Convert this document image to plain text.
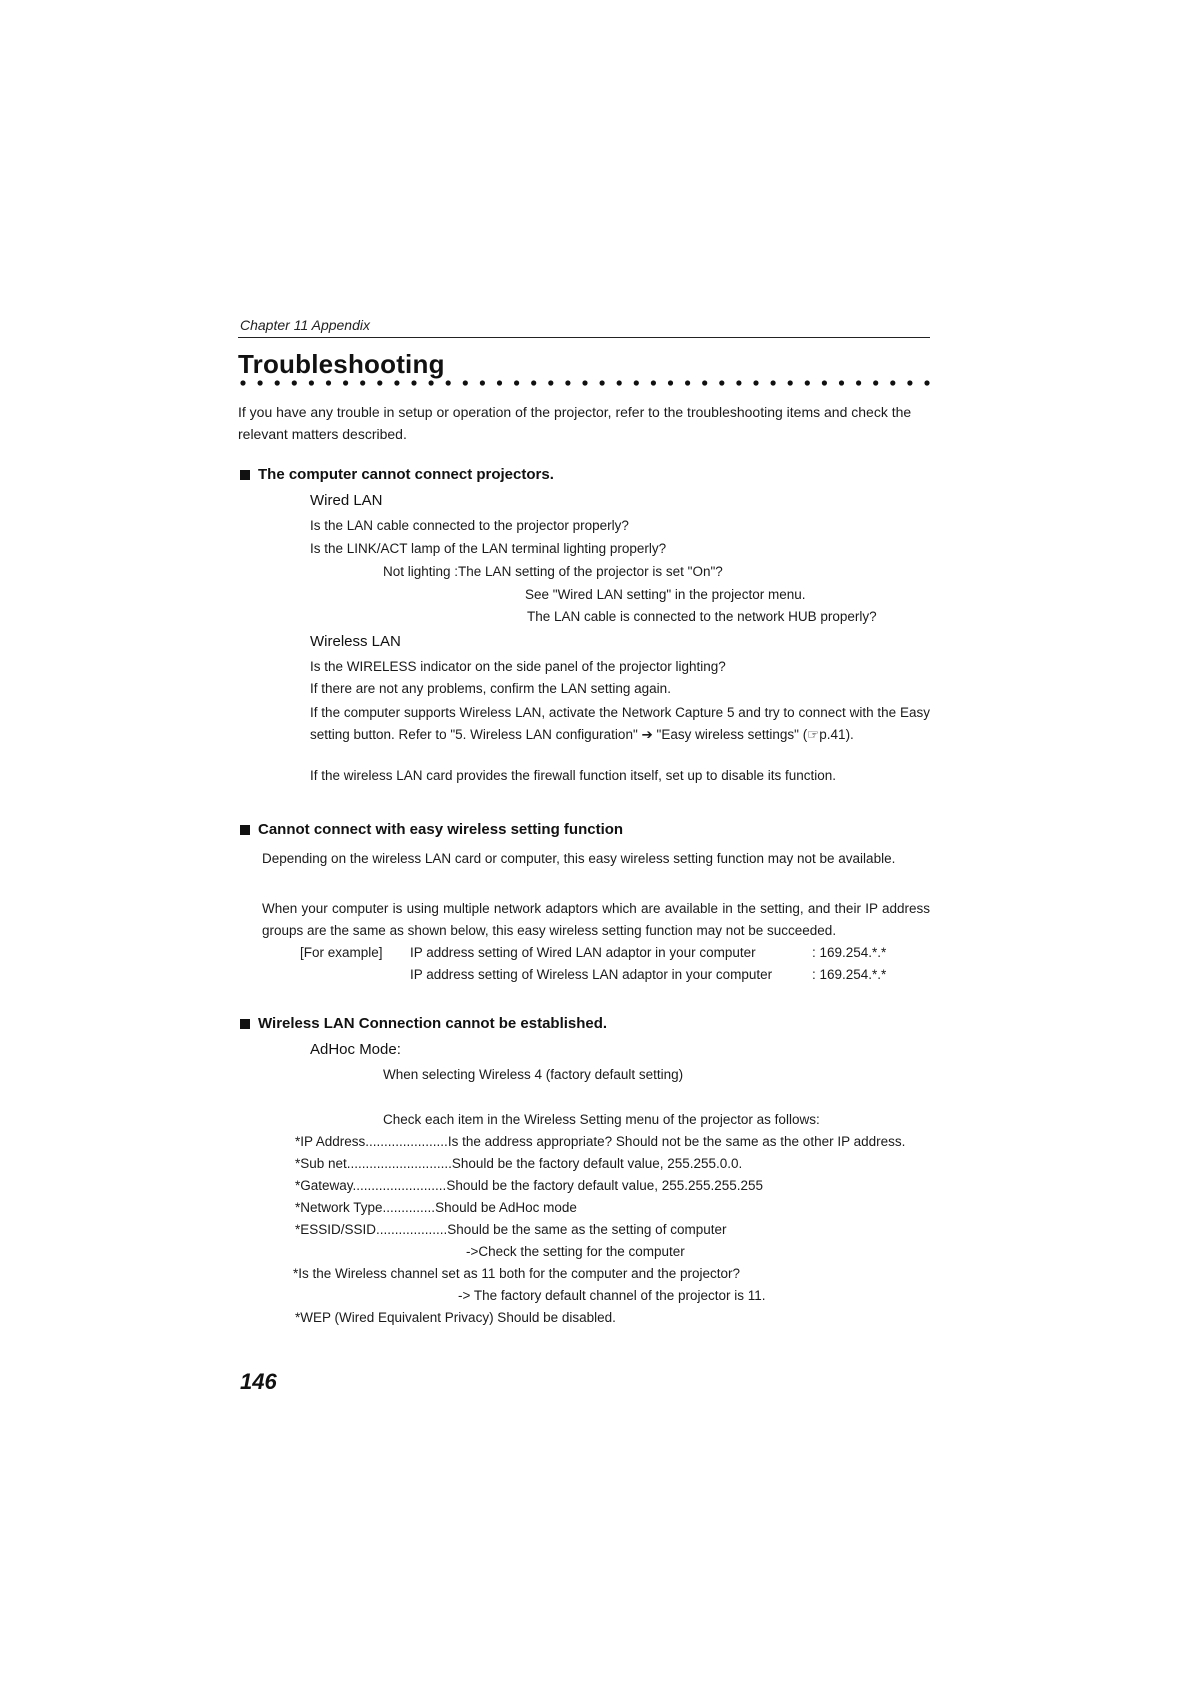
Chapter 11 Appendix
Troubleshooting
If you have any trouble in setup or operation of the projector, refer to the troubleshooting items and check the relevant matters described.
The computer cannot connect projectors.
Wired LAN
Is the LAN cable connected to the projector properly?
Is the LINK/ACT lamp of the LAN terminal lighting properly?
Not lighting :The LAN setting of the projector is set "On"?
See "Wired LAN setting" in the projector menu.
The LAN cable is connected to the network HUB properly?
Wireless LAN
Is the WIRELESS indicator on the side panel of the projector lighting?
If there are not any problems, confirm the LAN setting again.
If the computer supports Wireless LAN, activate the Network Capture 5 and try to connect with the Easy setting button. Refer to "5. Wireless LAN configuration" ➔ "Easy wireless settings" (☞p.41).
If the wireless LAN card provides the firewall function itself, set up to disable its function.
Cannot connect with easy wireless setting function
Depending on the wireless LAN card or computer, this easy wireless setting function may not be available.
When your computer is using multiple network adaptors which are available in the setting, and their IP address groups are the same as shown below, this easy wireless setting function may not be succeeded.
[For example] IP address setting of Wired LAN adaptor in your computer	: 169.254.*.*
IP address setting of Wireless LAN adaptor in your computer	: 169.254.*.*
Wireless LAN Connection cannot be established.
AdHoc Mode:
When selecting Wireless 4 (factory default setting)
Check each item in the Wireless Setting menu of the projector as follows:
*IP Address......................Is the address appropriate? Should not be the same as the other IP address.
*Sub net............................Should be the factory default value, 255.255.0.0.
*Gateway.........................Should be the factory default value, 255.255.255.255
*Network Type..............Should be AdHoc mode
*ESSID/SSID...................Should be the same as the setting of computer
->Check the setting for the computer
*Is the Wireless channel set as 11 both for the computer and the projector?
-> The factory default channel of the projector is 11.
*WEP (Wired Equivalent Privacy) Should be disabled.
146
